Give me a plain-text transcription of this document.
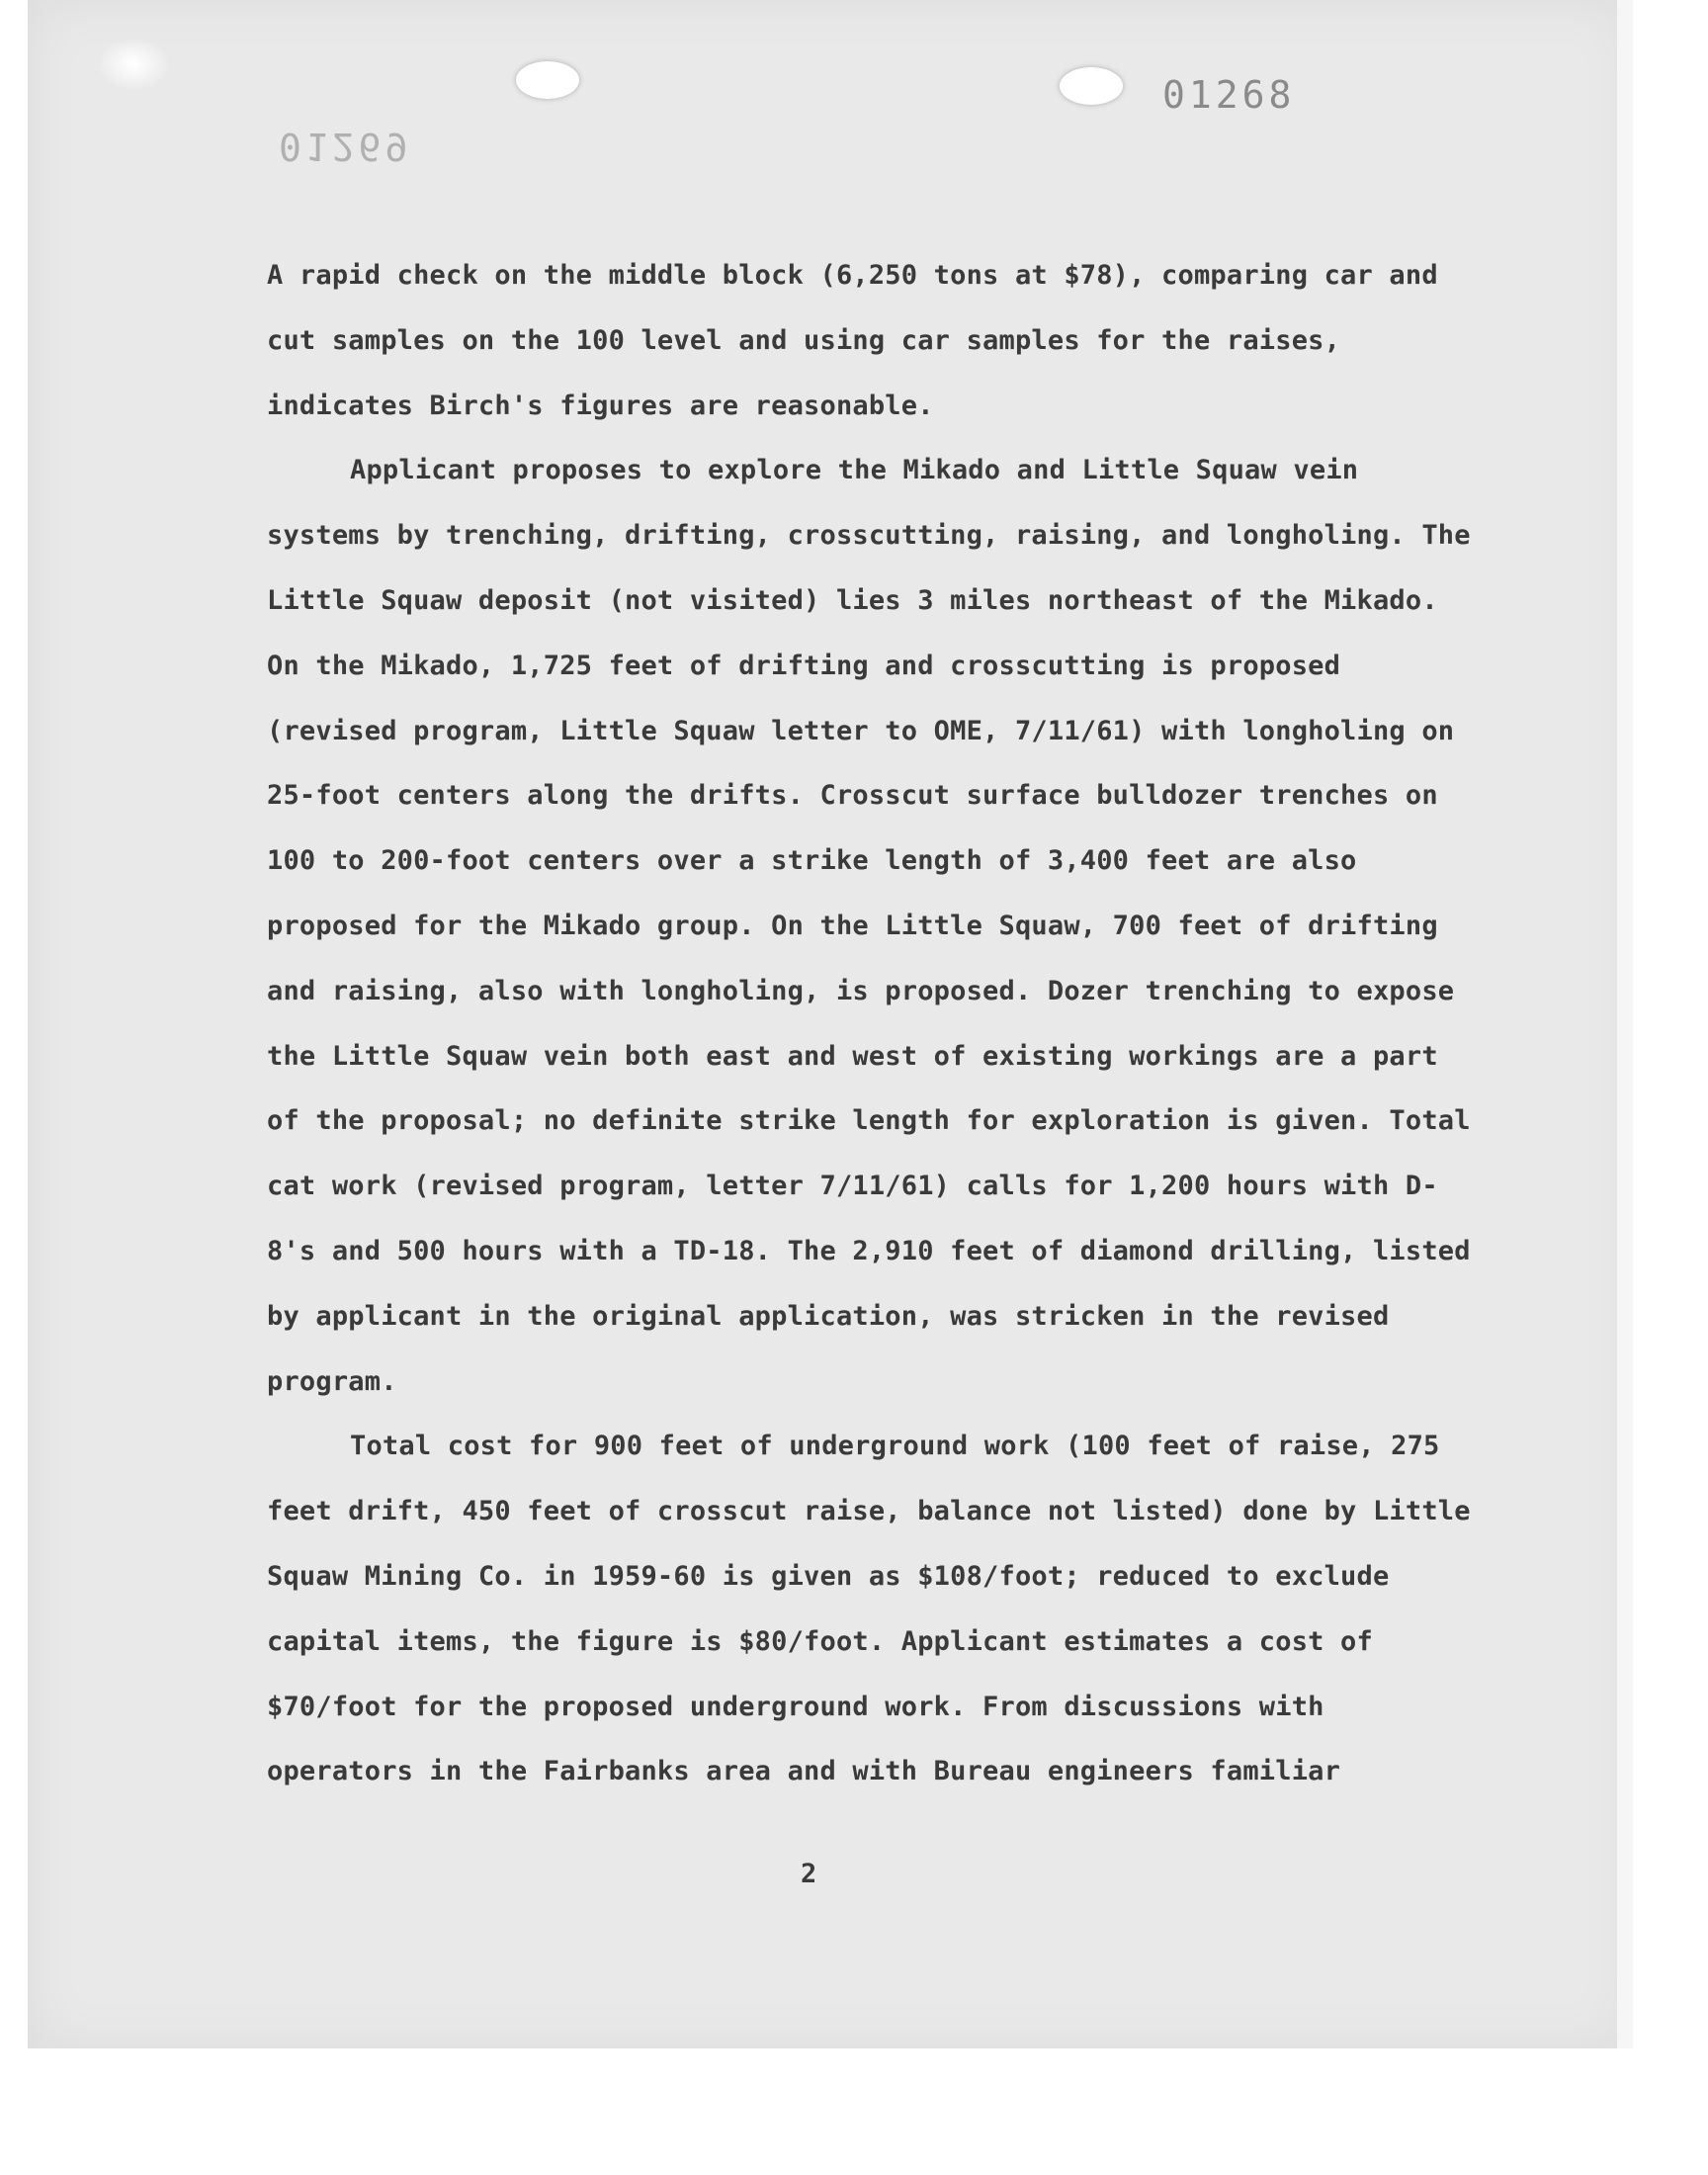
01268
01269

A rapid check on the middle block (6,250 tons at $78), comparing car and cut samples on the 100 level and using car samples for the raises, indicates Birch's figures are reasonable.

Applicant proposes to explore the Mikado and Little Squaw vein systems by trenching, drifting, crosscutting, raising, and longholing. The Little Squaw deposit (not visited) lies 3 miles northeast of the Mikado. On the Mikado, 1,725 feet of drifting and crosscutting is proposed (revised program, Little Squaw letter to OME, 7/11/61) with longholing on 25-foot centers along the drifts. Crosscut surface bulldozer trenches on 100 to 200-foot centers over a strike length of 3,400 feet are also proposed for the Mikado group. On the Little Squaw, 700 feet of drifting and raising, also with longholing, is proposed. Dozer trenching to expose the Little Squaw vein both east and west of existing workings are a part of the proposal; no definite strike length for exploration is given. Total cat work (revised program, letter 7/11/61) calls for 1,200 hours with D-8's and 500 hours with a TD-18. The 2,910 feet of diamond drilling, listed by applicant in the original application, was stricken in the revised program.

Total cost for 900 feet of underground work (100 feet of raise, 275 feet drift, 450 feet of crosscut raise, balance not listed) done by Little Squaw Mining Co. in 1959-60 is given as $108/foot; reduced to exclude capital items, the figure is $80/foot. Applicant estimates a cost of $70/foot for the proposed underground work. From discussions with operators in the Fairbanks area and with Bureau engineers familiar

2
